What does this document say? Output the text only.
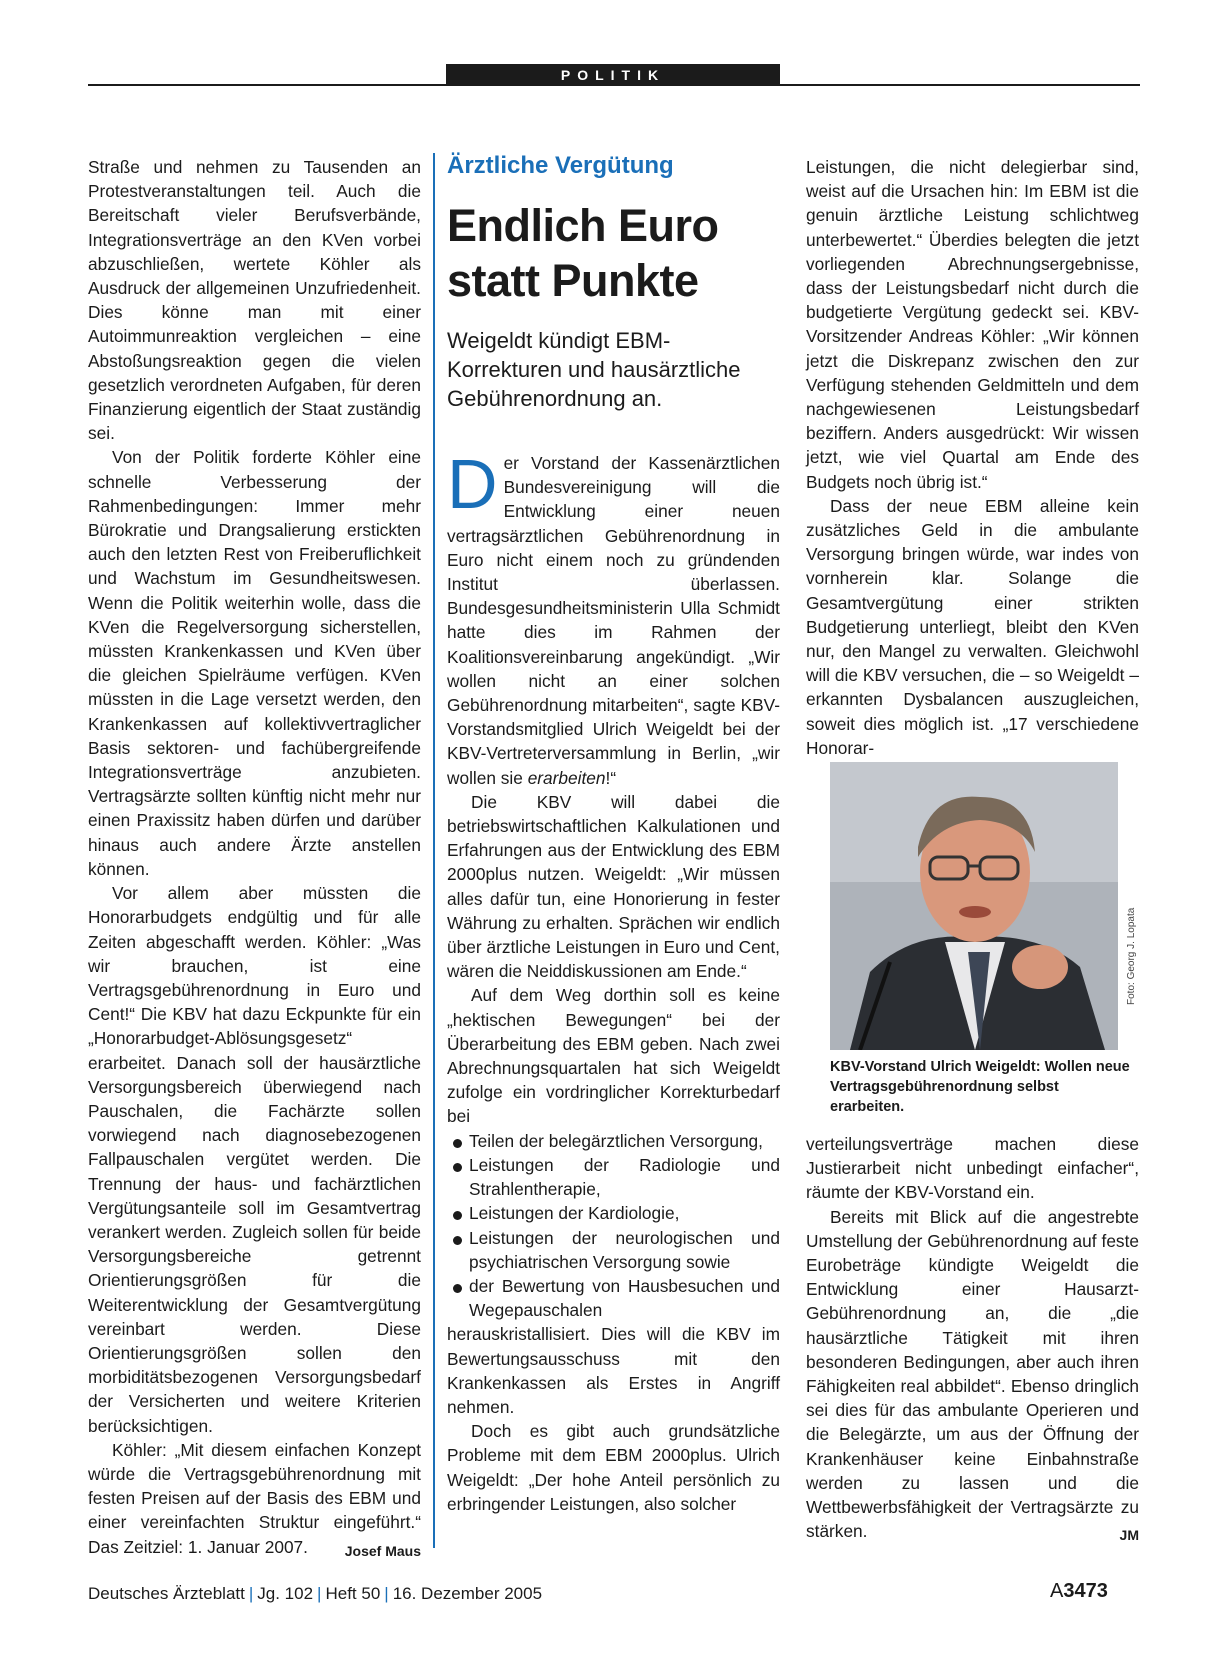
POLITIK

Straße und nehmen zu Tausenden an Protestveranstaltungen teil. Auch die Bereitschaft vieler Berufsverbände, Integrationsverträge an den KVen vorbei abzuschließen, wertete Köhler als Ausdruck der allgemeinen Unzufriedenheit. Dies könne man mit einer Autoimmunreaktion vergleichen – eine Abstoßungsreaktion gegen die vielen gesetzlich verordneten Aufgaben, für deren Finanzierung eigentlich der Staat zuständig sei.

Von der Politik forderte Köhler eine schnelle Verbesserung der Rahmenbedingungen: Immer mehr Bürokratie und Drangsalierung erstickten auch den letzten Rest von Freiberuflichkeit und Wachstum im Gesundheitswesen. Wenn die Politik weiterhin wolle, dass die KVen die Regelversorgung sicherstellen, müssten Krankenkassen und KVen über die gleichen Spielräume verfügen. KVen müssten in die Lage versetzt werden, den Krankenkassen auf kollektivvertraglicher Basis sektoren- und fachübergreifende Integrationsverträge anzubieten. Vertragsärzte sollten künftig nicht mehr nur einen Praxissitz haben dürfen und darüber hinaus auch andere Ärzte anstellen können.

Vor allem aber müssten die Honorarbudgets endgültig und für alle Zeiten abgeschafft werden. Köhler: „Was wir brauchen, ist eine Vertragsgebührenordnung in Euro und Cent!“ Die KBV hat dazu Eckpunkte für ein „Honorarbudget-Ablösungsgesetz“ erarbeitet. Danach soll der hausärztliche Versorgungsbereich überwiegend nach Pauschalen, die Fachärzte sollen vorwiegend nach diagnosebezogenen Fallpauschalen vergütet werden. Die Trennung der haus- und fachärztlichen Vergütungsanteile soll im Gesamtvertrag verankert werden. Zugleich sollen für beide Versorgungsbereiche getrennt Orientierungsgrößen für die Weiterentwicklung der Gesamtvergütung vereinbart werden. Diese Orientierungsgrößen sollen den morbiditätsbezogenen Versorgungsbedarf der Versicherten und weitere Kriterien berücksichtigen.

Köhler: „Mit diesem einfachen Konzept würde die Vertragsgebührenordnung mit festen Preisen auf der Basis des EBM und einer vereinfachten Struktur eingeführt.“ Das Zeitziel: 1. Januar 2007.	Josef Maus

Ärztliche Vergütung
Endlich Euro statt Punkte
Weigeldt kündigt EBM-Korrekturen und hausärztliche Gebührenordnung an.

Der Vorstand der Kassenärztlichen Bundesvereinigung will die Entwicklung einer neuen vertragsärztlichen Gebührenordnung in Euro nicht einem noch zu gründenden Institut überlassen. Bundesgesundheitsministerin Ulla Schmidt hatte dies im Rahmen der Koalitionsvereinbarung angekündigt. „Wir wollen nicht an einer solchen Gebührenordnung mitarbeiten“, sagte KBV-Vorstandsmitglied Ulrich Weigeldt bei der KBV-Vertreterversammlung in Berlin, „wir wollen sie erarbeiten!“

Die KBV will dabei die betriebswirtschaftlichen Kalkulationen und Erfahrungen aus der Entwicklung des EBM 2000plus nutzen. Weigeldt: „Wir müssen alles dafür tun, eine Honorierung in fester Währung zu erhalten. Sprächen wir endlich über ärztliche Leistungen in Euro und Cent, wären die Neiddiskussionen am Ende.“

Auf dem Weg dorthin soll es keine „hektischen Bewegungen“ bei der Überarbeitung des EBM geben. Nach zwei Abrechnungsquartalen hat sich Weigeldt zufolge ein vordringlicher Korrekturbedarf bei

Teilen der belegärztlichen Versorgung,
Leistungen der Radiologie und Strahlentherapie,
Leistungen der Kardiologie,
Leistungen der neurologischen und psychiatrischen Versorgung sowie
der Bewertung von Hausbesuchen und Wegepauschalen

herauskristallisiert. Dies will die KBV im Bewertungsausschuss mit den Krankenkassen als Erstes in Angriff nehmen.

Doch es gibt auch grundsätzliche Probleme mit dem EBM 2000plus. Ulrich Weigeldt: „Der hohe Anteil persönlich zu erbringender Leistungen, also solcher

Leistungen, die nicht delegierbar sind, weist auf die Ursachen hin: Im EBM ist die genuin ärztliche Leistung schlichtweg unterbewertet.“ Überdies belegten die jetzt vorliegenden Abrechnungsergebnisse, dass der Leistungsbedarf nicht durch die budgetierte Vergütung gedeckt sei. KBV-Vorsitzender Andreas Köhler: „Wir können jetzt die Diskrepanz zwischen den zur Verfügung stehenden Geldmitteln und dem nachgewiesenen Leistungsbedarf beziffern. Anders ausgedrückt: Wir wissen jetzt, wie viel Quartal am Ende des Budgets noch übrig ist.“

Dass der neue EBM alleine kein zusätzliches Geld in die ambulante Versorgung bringen würde, war indes von vornherein klar. Solange die Gesamtvergütung einer strikten Budgetierung unterliegt, bleibt den KVen nur, den Mangel zu verwalten. Gleichwohl will die KBV versuchen, die – so Weigeldt – erkannten Dysbalancen auszugleichen, soweit dies möglich ist. „17 verschiedene Honorar-

Foto: Georg J. Lopata
KBV-Vorstand Ulrich Weigeldt: Wollen neue Vertragsgebührenordnung selbst erarbeiten.

verteilungsverträge machen diese Justierarbeit nicht unbedingt einfacher“, räumte der KBV-Vorstand ein.

Bereits mit Blick auf die angestrebte Umstellung der Gebührenordnung auf feste Eurobeträge kündigte Weigeldt die Entwicklung einer Hausarzt-Gebührenordnung an, die „die hausärztliche Tätigkeit mit ihren besonderen Bedingungen, aber auch ihren Fähigkeiten real abbildet“. Ebenso dringlich sei dies für das ambulante Operieren und die Belegärzte, um aus der Öffnung der Krankenhäuser keine Einbahnstraße werden zu lassen und die Wettbewerbsfähigkeit der Vertragsärzte zu stärken.	JM

Deutsches Ärzteblatt | Jg. 102 | Heft 50 | 16. Dezember 2005	A3473
